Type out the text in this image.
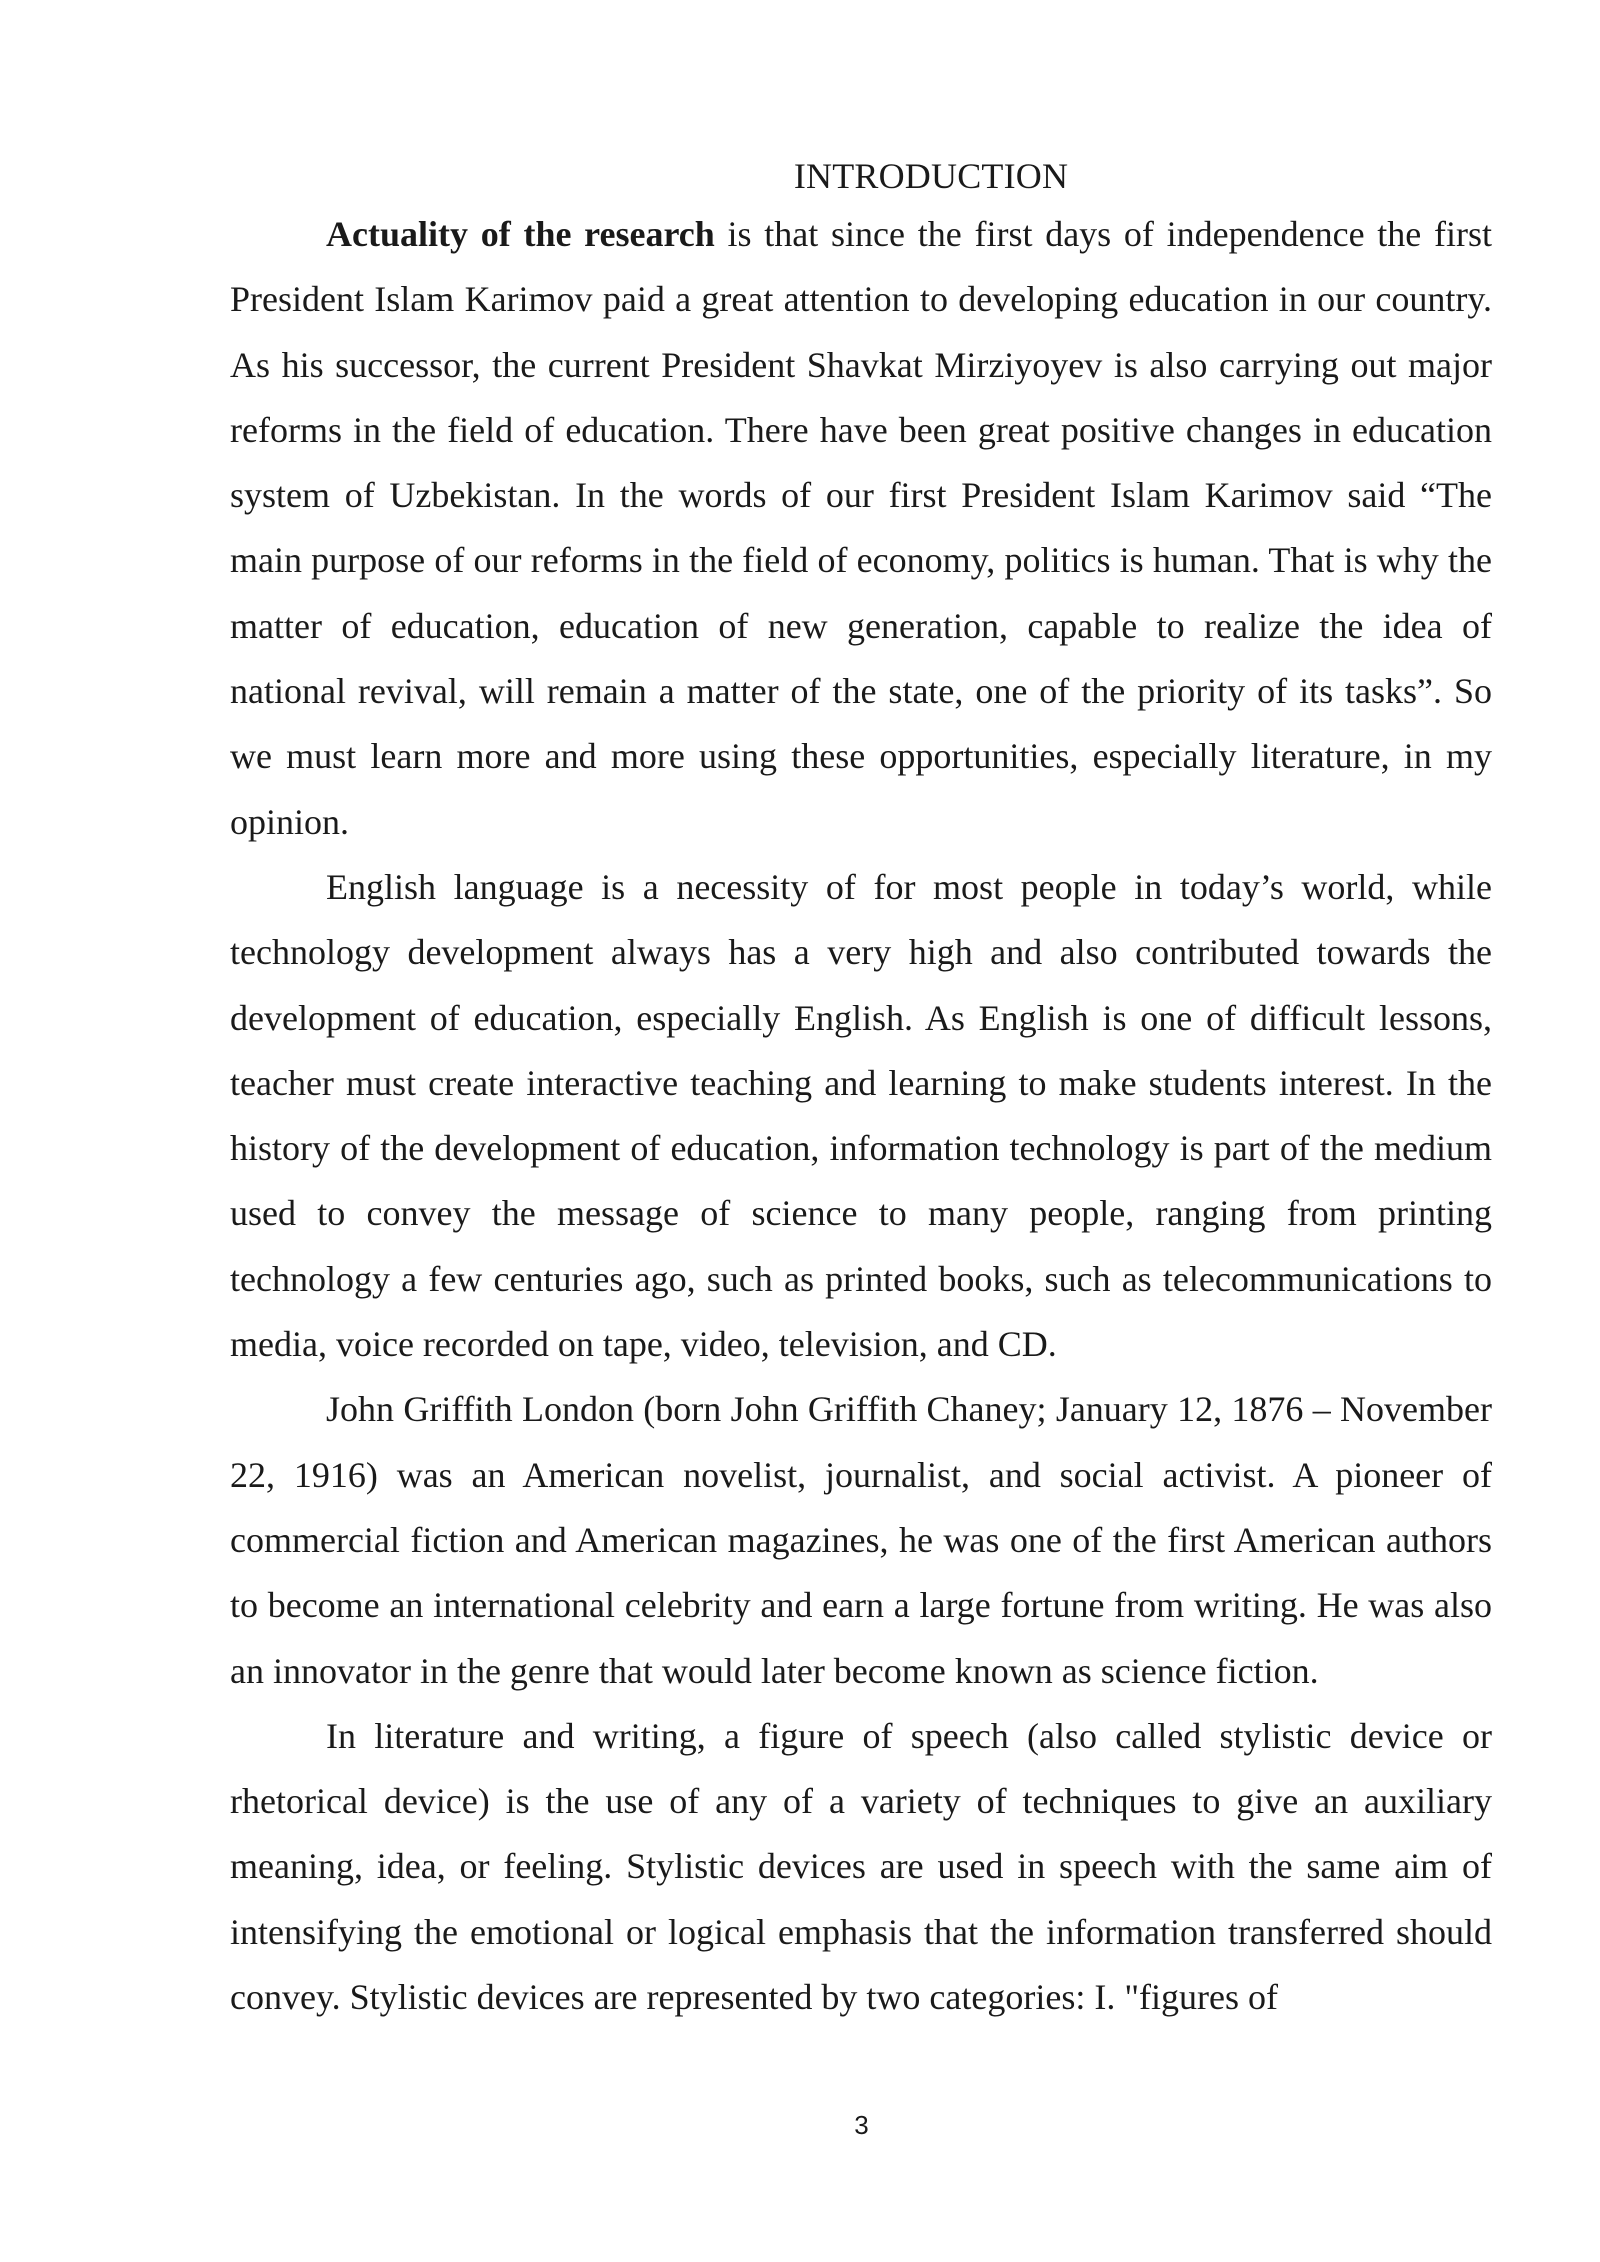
INTRODUCTION

Actuality of the research is that since the first days of independence the first President Islam Karimov paid a great attention to developing education in our country. As his successor, the current President Shavkat Mirziyoyev is also carrying out major reforms in the field of education. There have been great positive changes in education system of Uzbekistan. In the words of our first President Islam Karimov said “The main purpose of our reforms in the field of economy, politics is human. That is why the matter of education, education of new generation, capable to realize the idea of national revival, will remain a matter of the state, one of the priority of its tasks”. So we must learn more and more using these opportunities, especially literature, in my opinion.

English language is a necessity of for most people in today’s world, while technology development always has a very high and also contributed towards the development of education, especially English. As English is one of difficult lessons, teacher must create interactive teaching and learning to make students interest. In the history of the development of education, information technology is part of the medium used to convey the message of science to many people, ranging from printing technology a few centuries ago, such as printed books, such as telecommunications to media, voice recorded on tape, video, television, and CD.

John Griffith London (born John Griffith Chaney; January 12, 1876 – November 22, 1916) was an American novelist, journalist, and social activist. A pioneer of commercial fiction and American magazines, he was one of the first American authors to become an international celebrity and earn a large fortune from writing. He was also an innovator in the genre that would later become known as science fiction.

In literature and writing, a figure of speech (also called stylistic device or rhetorical device) is the use of any of a variety of techniques to give an auxiliary meaning, idea, or feeling. Stylistic devices are used in speech with the same aim of intensifying the emotional or logical emphasis that the information transferred should convey. Stylistic devices are represented by two categories: I. "figures of

3
